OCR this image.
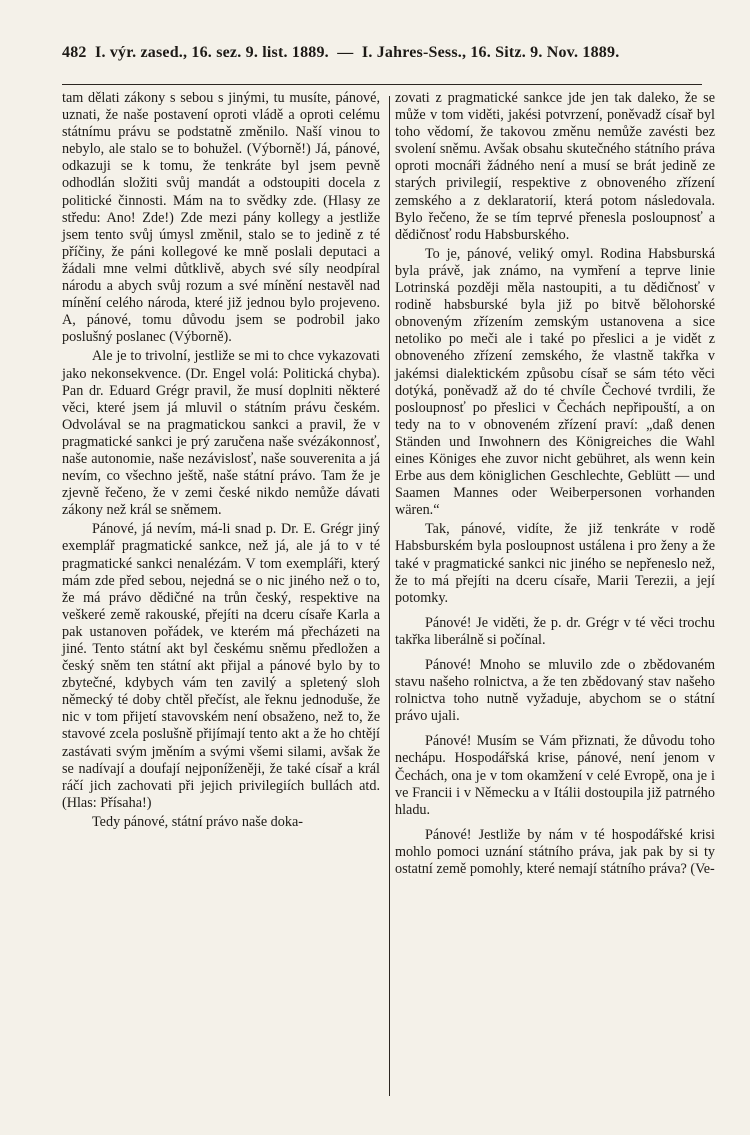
482 I. výr. zased., 16. sez. 9. list. 1889. — I. Jahres-Sess., 16. Sitz. 9. Nov. 1889.

tam dělati zákony s sebou s jinými, tu musíte, pánové, uznati, že naše postavení oproti vládě a oproti celému státnímu právu se podstatně změnilo. Naší vinou to nebylo, ale stalo se to bohužel. (Výborně!) Já, pánové, odkazuji se k tomu, že tenkráte byl jsem pevně odhodlán složiti svůj mandát a odstoupiti docela z politické činnosti. Mám na to svědky zde. (Hlasy ze středu: Ano! Zde!) Zde mezi pány kollegy a jestliže jsem tento svůj úmysl změnil, stalo se to jedině z té příčiny, že páni kollegové ke mně poslali deputaci a žádali mne velmi důtklivě, abych své síly neodpíral národu a abych svůj rozum a své mínění nestavěl nad mínění celého národa, které již jednou bylo projeveno. A, pánové, tomu důvodu jsem se podrobil jako poslušný poslanec (Výborně).

Ale je to trivolní, jestliže se mi to chce vykazovati jako nekonsekvence. (Dr. Engel volá: Politická chyba). Pan dr. Eduard Grégr pravil, že musí doplniti některé věci, které jsem já mluvil o státním právu českém. Odvolával se na pragmatickou sankci a pravil, že v pragmatické sankci je prý zaručena naše svézákonnosť, naše autonomie, naše nezávislosť, naše souverenita a já nevím, co všechno ještě, naše státní právo. Tam že je zjevně řečeno, že v zemi české nikdo nemůže dávati zákony než král se sněmem.

Pánové, já nevím, má-li snad p. Dr. E. Grégr jiný exemplář pragmatické sankce, než já, ale já to v té pragmatické sankci nenalézám. V tom exempláři, který mám zde před sebou, nejedná se o nic jiného než o to, že má právo dědičné na trůn český, respektive na veškeré země rakouské, přejíti na dceru císaře Karla a pak ustanoven pořádek, ve kterém má přecházeti na jiné. Tento státní akt byl českému sněmu předložen a český sněm ten státní akt přijal a pánové bylo by to zbytečné, kdybych vám ten zavilý a spletený sloh německý té doby chtěl přečíst, ale řeknu jednoduše, že nic v tom přijetí stavovském není obsaženo, než to, že stavové zcela poslušně přijímají tento akt a že ho chtějí zastávati svým jměním a svými všemi silami, avšak že se nadívají a doufají nejponíženěji, že také císař a král ráčí jich zachovati při jejich privilegiích bullách atd. (Hlas: Přísaha!)

Tedy pánové, státní právo naše doka-

zovati z pragmatické sankce jde jen tak daleko, že se může v tom viděti, jakési potvrzení, poněvadž císař byl toho vědomí, že takovou změnu nemůže zavésti bez svolení sněmu. Avšak obsahu skutečného státního práva oproti mocnáři žádného není a musí se brát jedině ze starých privilegií, respektive z obnoveného zřízení zemského a z deklaratorií, která potom následovala. Bylo řečeno, že se tím teprvé přenesla posloupnosť a dědičnosť rodu Habsburského.

To je, pánové, veliký omyl. Rodina Habsburská byla právě, jak známo, na vymření a teprve linie Lotrinská později měla nastoupiti, a tu dědičnosť v rodině habsburské byla již po bitvě bělohorské obnoveným zřízením zemským ustanovena a sice netoliko po meči ale i také po přeslici a je vidět z obnoveného zřízení zemského, že vlastně takřka v jakémsi dialektickém způsobu císař se sám této věci dotýká, poněvadž až do té chvíle Čechové tvrdili, že posloupnosť po přeslici v Čechách nepřipouští, a on tedy na to v obnoveném zřízení praví: „daß denen Ständen und Inwohnern des Königreiches die Wahl eines Königes ehe zuvor nicht gebühret, als wenn kein Erbe aus dem königlichen Geschlechte, Geblütt — und Saamen Mannes oder Weiberpersonen vorhanden wären.“

Tak, pánové, vidíte, že již tenkráte v rodě Habsburském byla posloupnost ustálena i pro ženy a že také v pragmatické sankci nic jiného se nepřeneslo než, že to má přejíti na dceru císaře, Marii Terezii, a její potomky.

Pánové! Je viděti, že p. dr. Grégr v té věci trochu takřka liberálně si počínal.

Pánové! Mnoho se mluvilo zde o zbědovaném stavu našeho rolnictva, a že ten zbědovaný stav našeho rolnictva toho nutně vyžaduje, abychom se o státní právo ujali.

Pánové! Musím se Vám přiznati, že důvodu toho nechápu. Hospodářská krise, pánové, není jenom v Čechách, ona je v tom okamžení v celé Evropě, ona je i ve Francii i v Německu a v Itálii dostoupila již patrného hladu.

Pánové! Jestliže by nám v té hospodářské krisi mohlo pomoci uznání státního práva, jak pak by si ty ostatní země pomohly, které nemají státního práva? (Ve-
